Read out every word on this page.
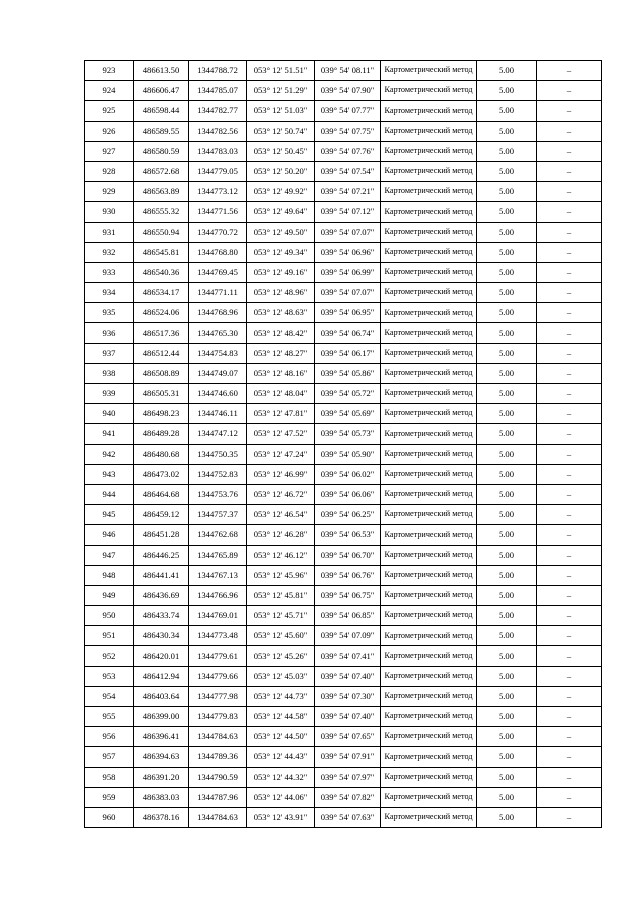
923	486613.50	1344788.72	053° 12' 51.51"	039° 54' 08.11"	Картометрический метод	5.00	–
924	486606.47	1344785.07	053° 12' 51.29"	039° 54' 07.90"	Картометрический метод	5.00	–
925	486598.44	1344782.77	053° 12' 51.03"	039° 54' 07.77"	Картометрический метод	5.00	–
926	486589.55	1344782.56	053° 12' 50.74"	039° 54' 07.75"	Картометрический метод	5.00	–
927	486580.59	1344783.03	053° 12' 50.45"	039° 54' 07.76"	Картометрический метод	5.00	–
928	486572.68	1344779.05	053° 12' 50.20"	039° 54' 07.54"	Картометрический метод	5.00	–
929	486563.89	1344773.12	053° 12' 49.92"	039° 54' 07.21"	Картометрический метод	5.00	–
930	486555.32	1344771.56	053° 12' 49.64"	039° 54' 07.12"	Картометрический метод	5.00	–
931	486550.94	1344770.72	053° 12' 49.50"	039° 54' 07.07"	Картометрический метод	5.00	–
932	486545.81	1344768.80	053° 12' 49.34"	039° 54' 06.96"	Картометрический метод	5.00	–
933	486540.36	1344769.45	053° 12' 49.16"	039° 54' 06.99"	Картометрический метод	5.00	–
934	486534.17	1344771.11	053° 12' 48.96"	039° 54' 07.07"	Картометрический метод	5.00	–
935	486524.06	1344768.96	053° 12' 48.63"	039° 54' 06.95"	Картометрический метод	5.00	–
936	486517.36	1344765.30	053° 12' 48.42"	039° 54' 06.74"	Картометрический метод	5.00	–
937	486512.44	1344754.83	053° 12' 48.27"	039° 54' 06.17"	Картометрический метод	5.00	–
938	486508.89	1344749.07	053° 12' 48.16"	039° 54' 05.86"	Картометрический метод	5.00	–
939	486505.31	1344746.60	053° 12' 48.04"	039° 54' 05.72"	Картометрический метод	5.00	–
940	486498.23	1344746.11	053° 12' 47.81"	039° 54' 05.69"	Картометрический метод	5.00	–
941	486489.28	1344747.12	053° 12' 47.52"	039° 54' 05.73"	Картометрический метод	5.00	–
942	486480.68	1344750.35	053° 12' 47.24"	039° 54' 05.90"	Картометрический метод	5.00	–
943	486473.02	1344752.83	053° 12' 46.99"	039° 54' 06.02"	Картометрический метод	5.00	–
944	486464.68	1344753.76	053° 12' 46.72"	039° 54' 06.06"	Картометрический метод	5.00	–
945	486459.12	1344757.37	053° 12' 46.54"	039° 54' 06.25"	Картометрический метод	5.00	–
946	486451.28	1344762.68	053° 12' 46.28"	039° 54' 06.53"	Картометрический метод	5.00	–
947	486446.25	1344765.89	053° 12' 46.12"	039° 54' 06.70"	Картометрический метод	5.00	–
948	486441.41	1344767.13	053° 12' 45.96"	039° 54' 06.76"	Картометрический метод	5.00	–
949	486436.69	1344766.96	053° 12' 45.81"	039° 54' 06.75"	Картометрический метод	5.00	–
950	486433.74	1344769.01	053° 12' 45.71"	039° 54' 06.85"	Картометрический метод	5.00	–
951	486430.34	1344773.48	053° 12' 45.60"	039° 54' 07.09"	Картометрический метод	5.00	–
952	486420.01	1344779.61	053° 12' 45.26"	039° 54' 07.41"	Картометрический метод	5.00	–
953	486412.94	1344779.66	053° 12' 45.03"	039° 54' 07.40"	Картометрический метод	5.00	–
954	486403.64	1344777.98	053° 12' 44.73"	039° 54' 07.30"	Картометрический метод	5.00	–
955	486399.00	1344779.83	053° 12' 44.58"	039° 54' 07.40"	Картометрический метод	5.00	–
956	486396.41	1344784.63	053° 12' 44.50"	039° 54' 07.65"	Картометрический метод	5.00	–
957	486394.63	1344789.36	053° 12' 44.43"	039° 54' 07.91"	Картометрический метод	5.00	–
958	486391.20	1344790.59	053° 12' 44.32"	039° 54' 07.97"	Картометрический метод	5.00	–
959	486383.03	1344787.96	053° 12' 44.06"	039° 54' 07.82"	Картометрический метод	5.00	–
960	486378.16	1344784.63	053° 12' 43.91"	039° 54' 07.63"	Картометрический метод	5.00	–
